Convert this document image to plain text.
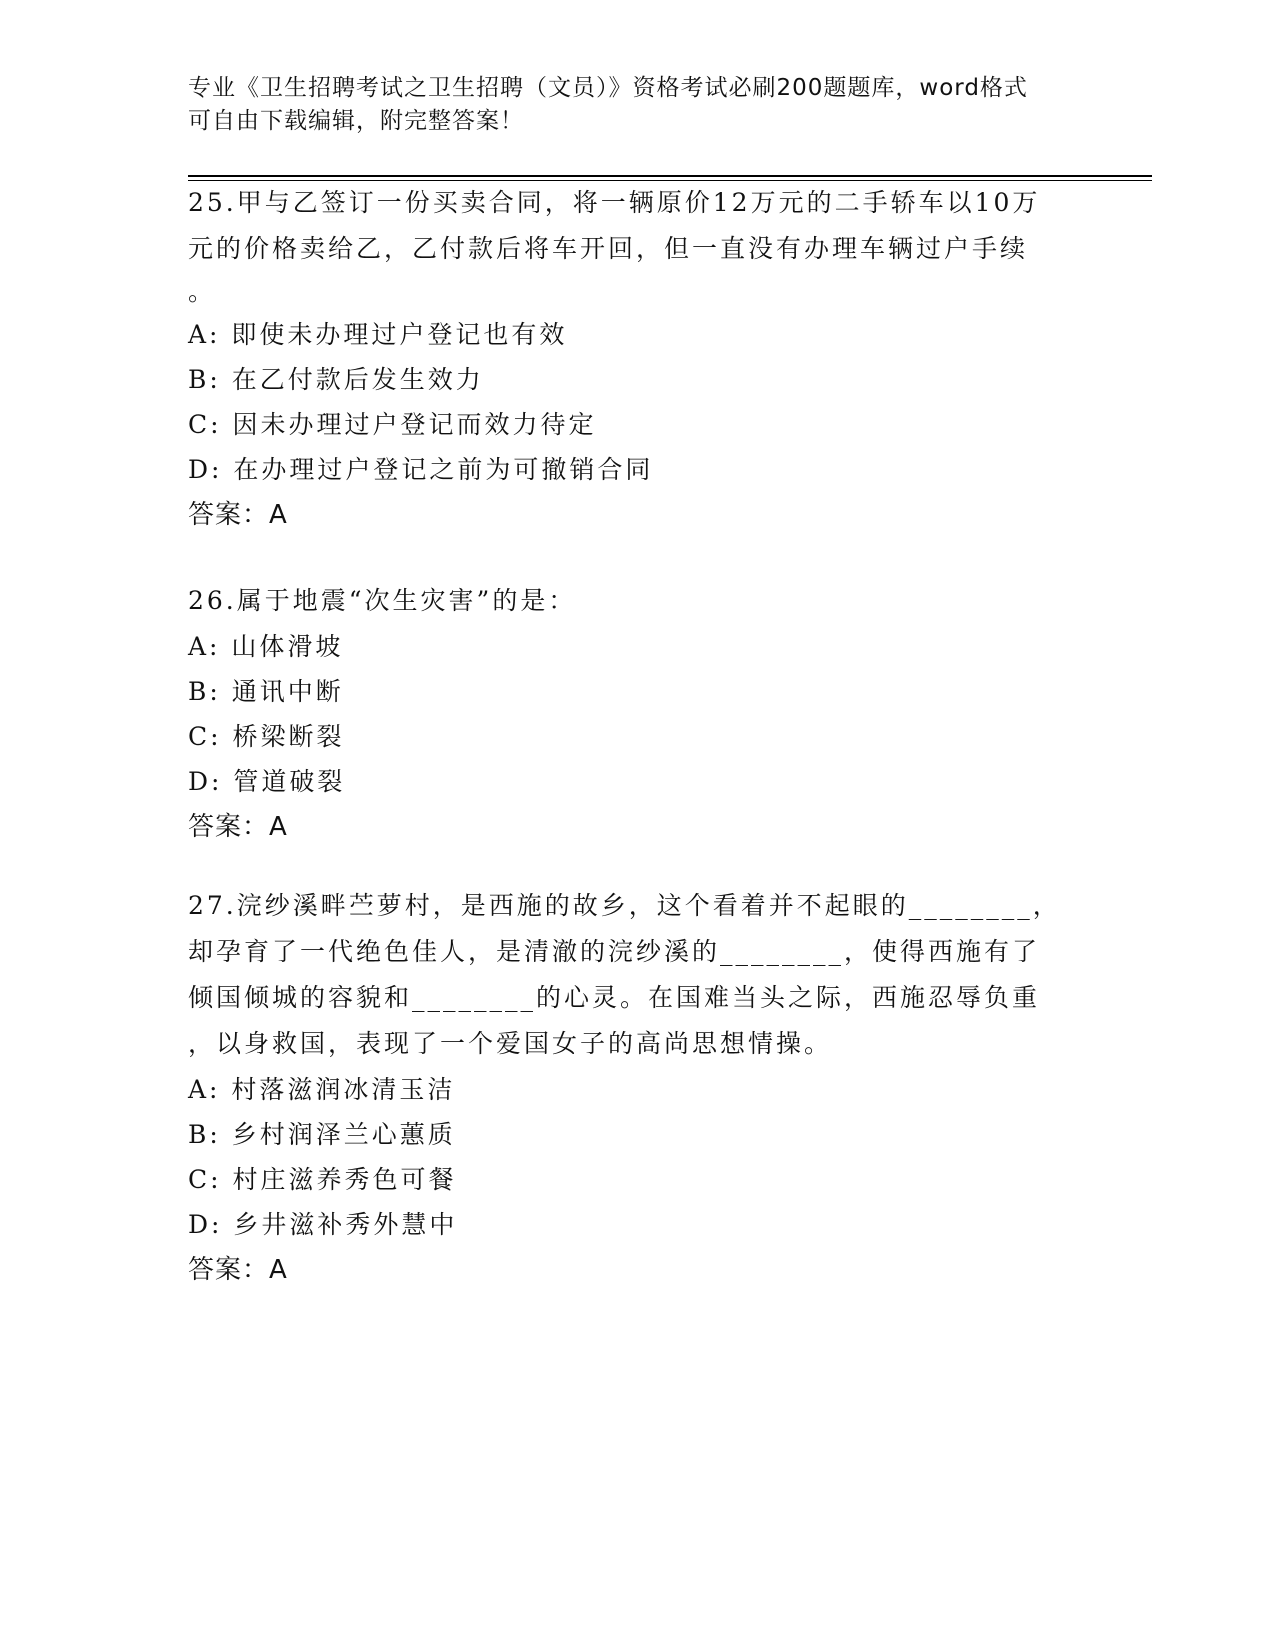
专业《卫生招聘考试之卫生招聘（文员）》资格考试必刷200题题库，word格式
可自由下载编辑，附完整答案！

25.甲与乙签订一份买卖合同，将一辆原价12万元的二手轿车以10万

元的价格卖给乙，乙付款后将车开回，但一直没有办理车辆过户手续

。

A: 即使未办理过户登记也有效

B: 在乙付款后发生效力

C: 因未办理过户登记而效力待定

D: 在办理过户登记之前为可撤销合同

答案：A

26.属于地震“次生灾害”的是：

A: 山体滑坡

B: 通讯中断

C: 桥梁断裂

D: 管道破裂

答案：A

27.浣纱溪畔苎萝村，是西施的故乡，这个看着并不起眼的________，

却孕育了一代绝色佳人，是清澈的浣纱溪的________，使得西施有了

倾国倾城的容貌和________的心灵。在国难当头之际，西施忍辱负重

，以身救国，表现了一个爱国女子的高尚思想情操。

A: 村落滋润冰清玉洁

B: 乡村润泽兰心蕙质

C: 村庄滋养秀色可餐

D: 乡井滋补秀外慧中

答案：A
